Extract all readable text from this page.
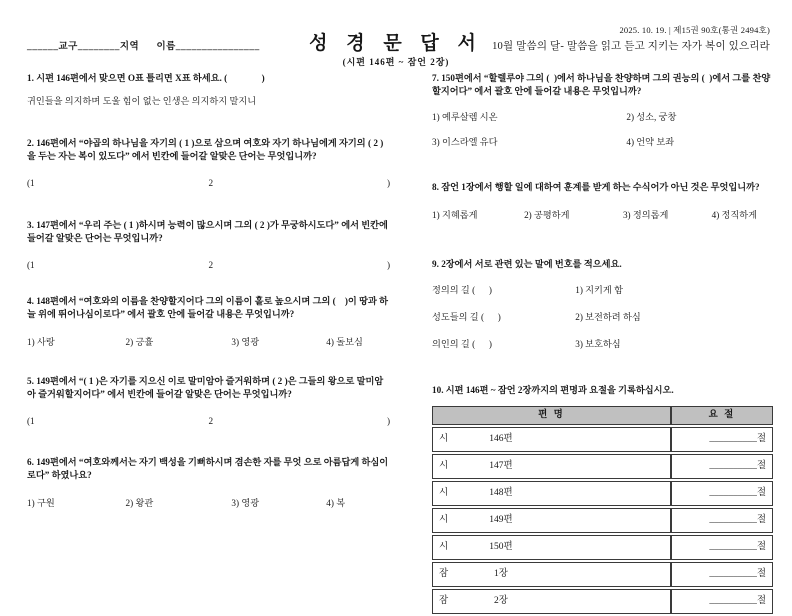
______교구________지역      이름________________	성 경 문 답 서
(시편 146편 ~ 잠언 2장)
2025. 10. 19. | 제15권 90호(통권 2494호)
10월 말씀의 달- 말씀을 읽고 듣고 지키는 자가 복이 있으리라
1. 시편 146편에서 맞으면 O표 틀리면 X표 하세요. (               )
귀인들을 의지하며 도울 힘이 없는 인생은 의지하지 말지니
2. 146편에서 “야곱의 하나님을 자기의 ( 1 )으로 삼으며 여호와 자기 하나님에게 자기의 ( 2 )을 두는 자는 복이 있도다” 에서 빈칸에 들어갈 알맞은 단어는 무엇입니까?
(1	2	)
3. 147편에서 “우리 주는 ( 1 )하시며 능력이 많으시며 그의 ( 2 )가 무궁하시도다” 에서 빈칸에 들어갈 알맞은 단어는 무엇입니까?
(1	2	)
4. 148편에서 “여호와의 이름을 찬양할지어다 그의 이름이 홀로 높으시며 그의 (    )이 땅과 하늘 위에 뛰어나심이로다” 에서 괄호 안에 들어갈 내용은 무엇입니까?
1) 사랑	2) 긍휼	3) 영광	4) 돌보심
5. 149편에서 “( 1 )은 자기를 지으신 이로 말미암아 즐거워하며 ( 2 )은 그들의 왕으로 말미암아 즐거워할지어다” 에서 빈칸에 들어갈 알맞은 단어는 무엇입니까?
(1	2	)
6. 149편에서 “여호와께서는 자기 백성을 기뻐하시며 겸손한 자를 무엇 으로 아름답게 하심이로다” 하였나요?
1) 구원	2) 왕관	3) 영광	4) 복
7. 150편에서 “할렐루야 그의 (  )에서 하나님을 찬양하며 그의 권능의 (  )에서 그를 찬양할지어다” 에서 괄호 안에 들어갈 내용은 무엇입니까?
1) 예루살렘 시온	2) 성소, 궁창
3) 이스라엘 유다	4) 언약 보좌
8. 잠언 1장에서 행할 일에 대하여 훈계를 받게 하는 수식어가 아닌 것은 무엇입니까?
1) 지혜롭게	2) 공평하게	3) 정의롭게	4) 정직하게
9. 2장에서 서로 관련 있는 말에 번호를 적으세요.
정의의 길 (      )	1) 지키게 함
성도들의 길 (      )	2) 보전하려 하심
의인의 길 (      )	3) 보호하심
10. 시편 146편 ~ 잠언 2장까지의 편명과 요절을 기록하십시오.
편 명	요 절
시 146편	__________절
시 147편	__________절
시 148편	__________절
시 149편	__________절
시 150편	__________절
잠 1장	__________절
잠 2장	__________절
